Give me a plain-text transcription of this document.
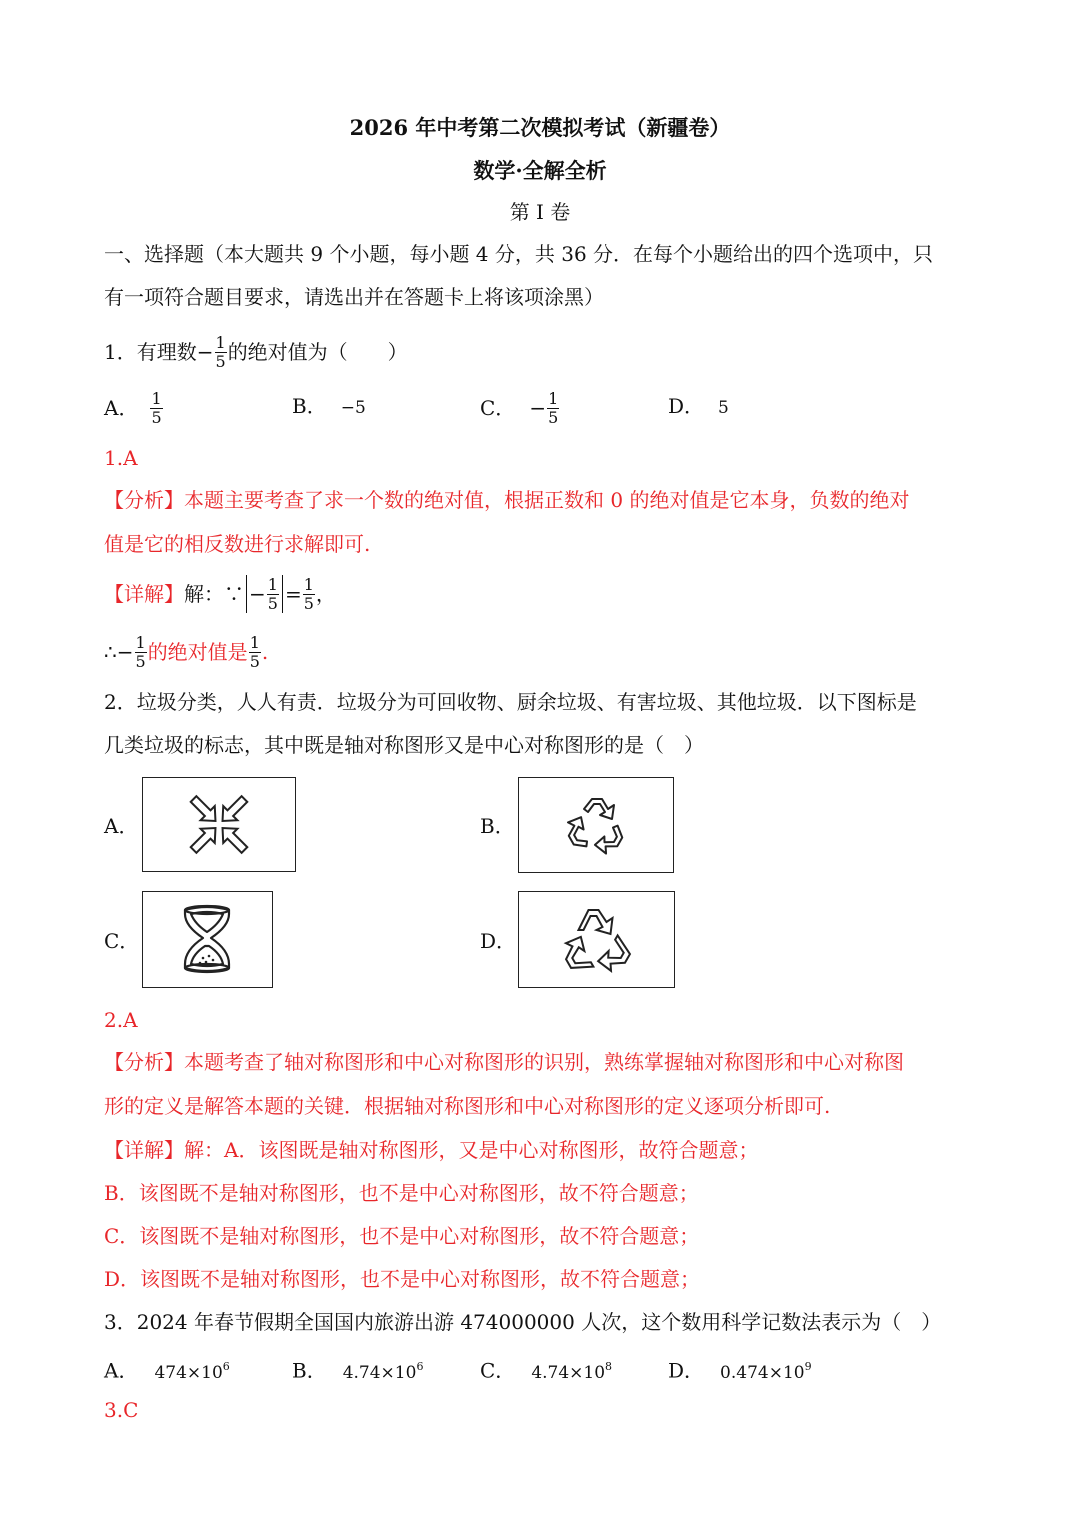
2026 年中考第二次模拟考试（新疆卷）
数学·全解全析
第 I 卷
一、选择题（本大题共 9 个小题，每小题 4 分，共 36 分．在每个小题给出的四个选项中，只
有一项符合题目要求，请选出并在答题卡上将该项涂黑）
1．有理数 − $\frac{1}{5}$ 的绝对值为（　　）
A． $\frac{1}{5}$	B． −5	C． − $\frac{1}{5}$	D． 5
1.A
【分析】本题主要考查了求一个数的绝对值，根据正数和 0 的绝对值是它本身，负数的绝对
值是它的相反数进行求解即可.
【详解】 解：∵ − $\frac{1}{5} = \frac{1}{5}$ ，
∴ − $\frac{1}{5}$ 的绝对值是 $\frac{1}{5}$ .
2．垃圾分类，人人有责．垃圾分为可回收物、厨余垃圾、有害垃圾、其他垃圾．以下图标是
几类垃圾的标志，其中既是轴对称图形又是中心对称图形的是（　）
A．	B．
C．	D．
2.A
【分析】本题考查了轴对称图形和中心对称图形的识别，熟练掌握轴对称图形和中心对称图
形的定义是解答本题的关键．根据轴对称图形和中心对称图形的定义逐项分析即可.
【详解】解：A．该图既是轴对称图形，又是中心对称图形，故符合题意；
B．该图既不是轴对称图形，也不是中心对称图形，故不符合题意；
C．该图既不是轴对称图形，也不是中心对称图形，故不符合题意；
D．该图既不是轴对称图形，也不是中心对称图形，故不符合题意；
3．2024 年春节假期全国国内旅游出游 474000000 人次，这个数用科学记数法表示为（　）
A． $474\times 10^6$	B． $4.74\times 10^6$	C． $4.74\times 10^8$	D． $0.474\times 10^9$
3.C
